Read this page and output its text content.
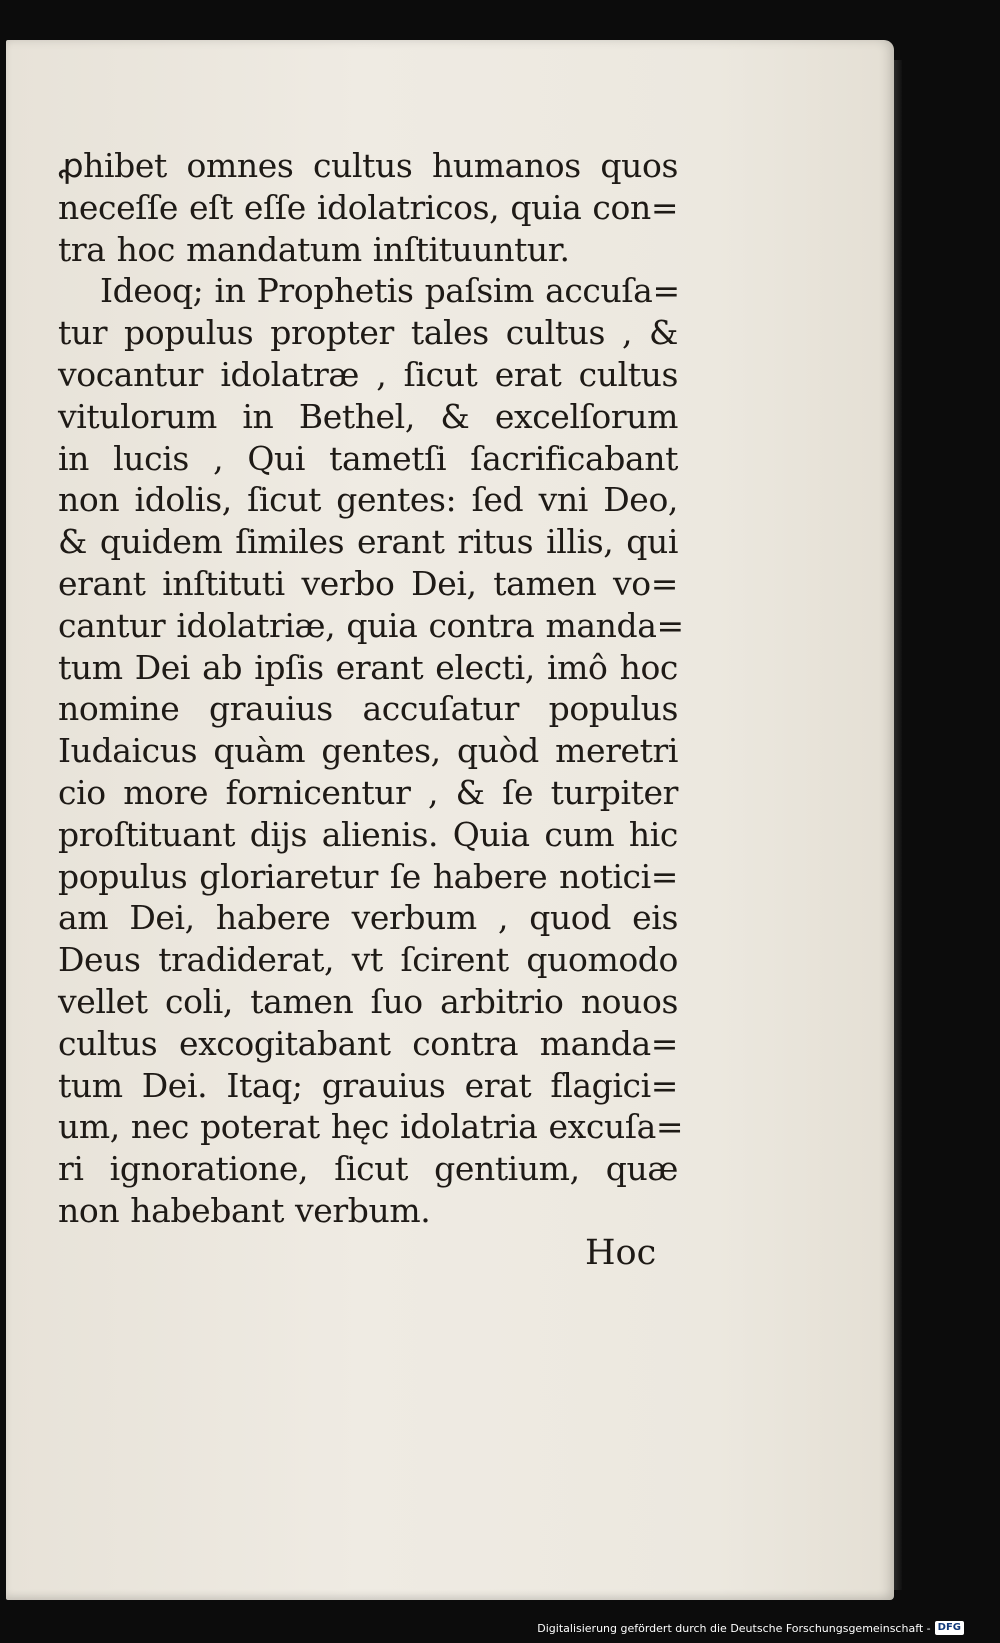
ꝓhibet omnes cultus humanos quos
neceſſe eſt eſſe idolatricos, quia con=
tra hoc mandatum inſtituuntur.
Ideoq; in Prophetis paſsim accuſa=
tur populus propter tales cultus , &
vocantur idolatræ , ſicut erat cultus
vitulorum in Bethel, & excelſorum
in lucis , Qui tametſi ſacrificabant
non idolis, ſicut gentes: ſed vni Deo,
& quidem ſimiles erant ritus illis, qui
erant inſtituti verbo Dei, tamen vo=
cantur idolatriæ, quia contra manda=
tum Dei ab ipſis erant electi, imô hoc
nomine grauius accuſatur populus
Iudaicus quàm gentes, quòd meretri
cio more fornicentur , & ſe turpiter
proſtituant dijs alienis. Quia cum hic
populus gloriaretur ſe habere notici=
am Dei, habere verbum , quod eis
Deus tradiderat, vt ſcirent quomodo
vellet coli, tamen ſuo arbitrio nouos
cultus excogitabant contra manda=
tum Dei. Itaq; grauius erat flagici=
um, nec poterat hęc idolatria excuſa=
ri ignoratione, ſicut gentium, quæ
non habebant verbum.
Hoc
Digitalisierung gefördert durch die Deutsche Forschungsgemeinschaft - DFG
